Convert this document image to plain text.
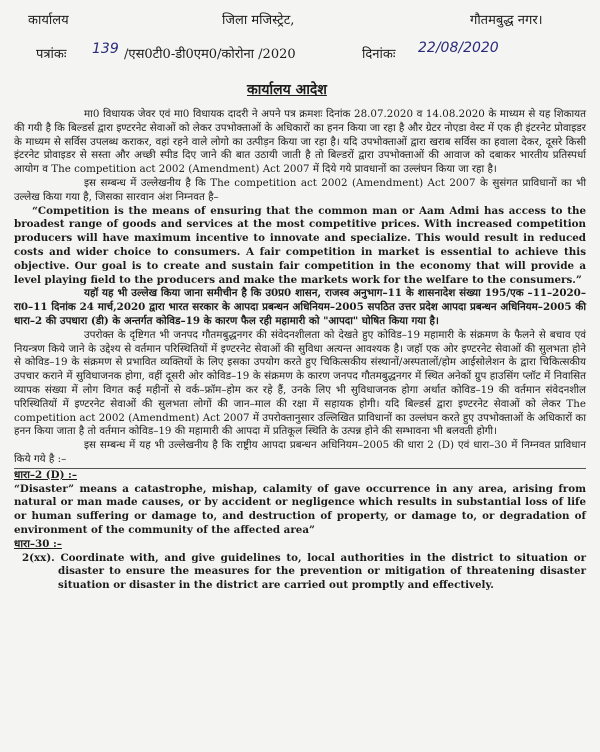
कार्यालय	जिला मजिस्ट्रेट,	गौतमबुद्ध नगर।
पत्रांकः 139 /एस0टी0-डी0एम0/कोरोना /2020	दिनांकः 22/08/2020
कार्यालय आदेश

मा0 विधायक जेवर एवं मा0 विधायक दादरी ने अपने पत्र क्रमशः दिनांक 28.07.2020 व 14.08.2020 के माध्यम से यह शिकायत की गयी है कि बिल्डर्स द्वारा इण्टरनेट सेवाओं को लेकर उपभोक्ताओं के अधिकारों का हनन किया जा रहा है और ग्रेटर नोएडा वेस्ट में एक ही इंटरनेट प्रोवाइडर के माध्यम से सर्विस उपलब्ध कराकर, वहां रहने वाले लोगो का उत्पीड़न किया जा रहा है। यदि उपभोक्ताओं द्वारा खराब सर्विस का हवाला देकर, दूसरे किसी इंटरनेट प्रोवाइडर से सस्ता और अच्छी स्पीड दिए जाने की बात उठायी जाती है तो बिल्डरों द्वारा उपभोक्ताओं की आवाज को दबाकर भारतीय प्रतिस्पर्धा आयोग व The competition act 2002 (Amendment) Act 2007 में दिये गये प्रावधानों का उल्लंघन किया जा रहा है।

इस सम्बन्ध में उल्लेखनीय है कि The competition act 2002 (Amendment) Act 2007 के सुसंगत प्राविधानों का भी उल्लेख किया गया है, जिसका सारवान अंश निम्नवत है–

“Competition is the means of ensuring that the common man or Aam Admi has access to the broadest range of goods and services at the most competitive prices. With increased competition producers will have maximum incentive to innovate and specialize. This would result in reduced costs and wider choice to consumers. A fair competition in market is essential to achieve this objective. Our goal is to create and sustain fair competition in the economy that will provide a level playing field to the producers and make the markets work for the welfare to the consumers.”

यहॉ यह भी उल्लेख किया जाना समीचीन है कि उ0प्र0 शासन, राजस्व अनुभाग–11 के शासनादेश संख्या 195/एक –11–2020–रा0–11 दिनांक 24 मार्च,2020 द्वारा भारत सरकार के आपदा प्रबन्धन अधिनियम–2005 सपठित उत्तर प्रदेश आपदा प्रबन्धन अधिनियम–2005 की धारा–2 की उपधारा (डी) के अन्तर्गत कोविड–19 के कारण फैल रही महामारी को "आपदा" घोषित किया गया है।

उपरोक्त के दृष्टिगत भी जनपद गौतमबुद्धनगर की संवेदनशीलता को देखते हुए कोविड–19 महामारी के संक्रमण के फैलने से बचाव एवं नियन्त्रण किये जाने के उद्देश्य से वर्तमान परिस्थितियों में इण्टरनेट सेवाओं की सुविधा अत्यन्त आवश्यक है। जहॉ एक ओर इण्टरनेट सेवाओं की सुलभता होने से कोविड–19 के संक्रमण से प्रभावित व्यक्तियों के लिए इसका उपयोग करते हुए चिकित्सकीय संस्थानों/अस्पतालों/होम आईसोलेशन के द्वारा चिकित्सकीय उपचार कराने में सुविधाजनक होगा, वहीं दूसरी ओर कोविड–19 के संक्रमण के कारण जनपद गौतमबुद्धनगर में स्थित अनेकों ग्रुप हाउसिंग प्लॉट में निवासित व्यापक संख्या में लोग विगत कई महीनों से वर्क–फ्रॉम–होम कर रहे हैं, उनके लिए भी सुविधाजनक होगा अर्थात कोविड–19 की वर्तमान संवेदनशील परिस्थितियों में इण्टरनेट सेवाओं की सुलभता लोगों की जान–माल की रक्षा में सहायक होगी। यदि बिल्डर्स द्वारा इण्टरनेट सेवाओं को लेकर The competition act 2002 (Amendment) Act 2007 में उपरोक्तानुसार उल्लिखित प्राविधानों का उल्लंघन करते हुए उपभोक्ताओं के अधिकारों का हनन किया जाता है तो वर्तमान कोविड–19 की महामारी की आपदा में प्रतिकूल स्थिति के उत्पन्न होने की सम्भावना भी बलवती होगी।

इस सम्बन्ध में यह भी उल्लेखनीय है कि राष्ट्रीय आपदा प्रबन्धन अधिनियम–2005 की धारा 2 (D) एवं धारा–30 में निम्नवत प्राविधान किये गये है :–

धारा–2 (D) :–

“Disaster” means a catastrophe, mishap, calamity of gave occurrence in any area, arising from natural or man made causes, or by accident or negligence which results in substantial loss of life or human suffering or damage to, and destruction of property, or damage to, or degradation of environment of the community of the affected area”

धारा–30 :–

2(xx). Coordinate with, and give guidelines to, local authorities in the district to situation or disaster to ensure the measures for the prevention or mitigation of threatening disaster situation or disaster in the district are carried out promptly and effectively.
